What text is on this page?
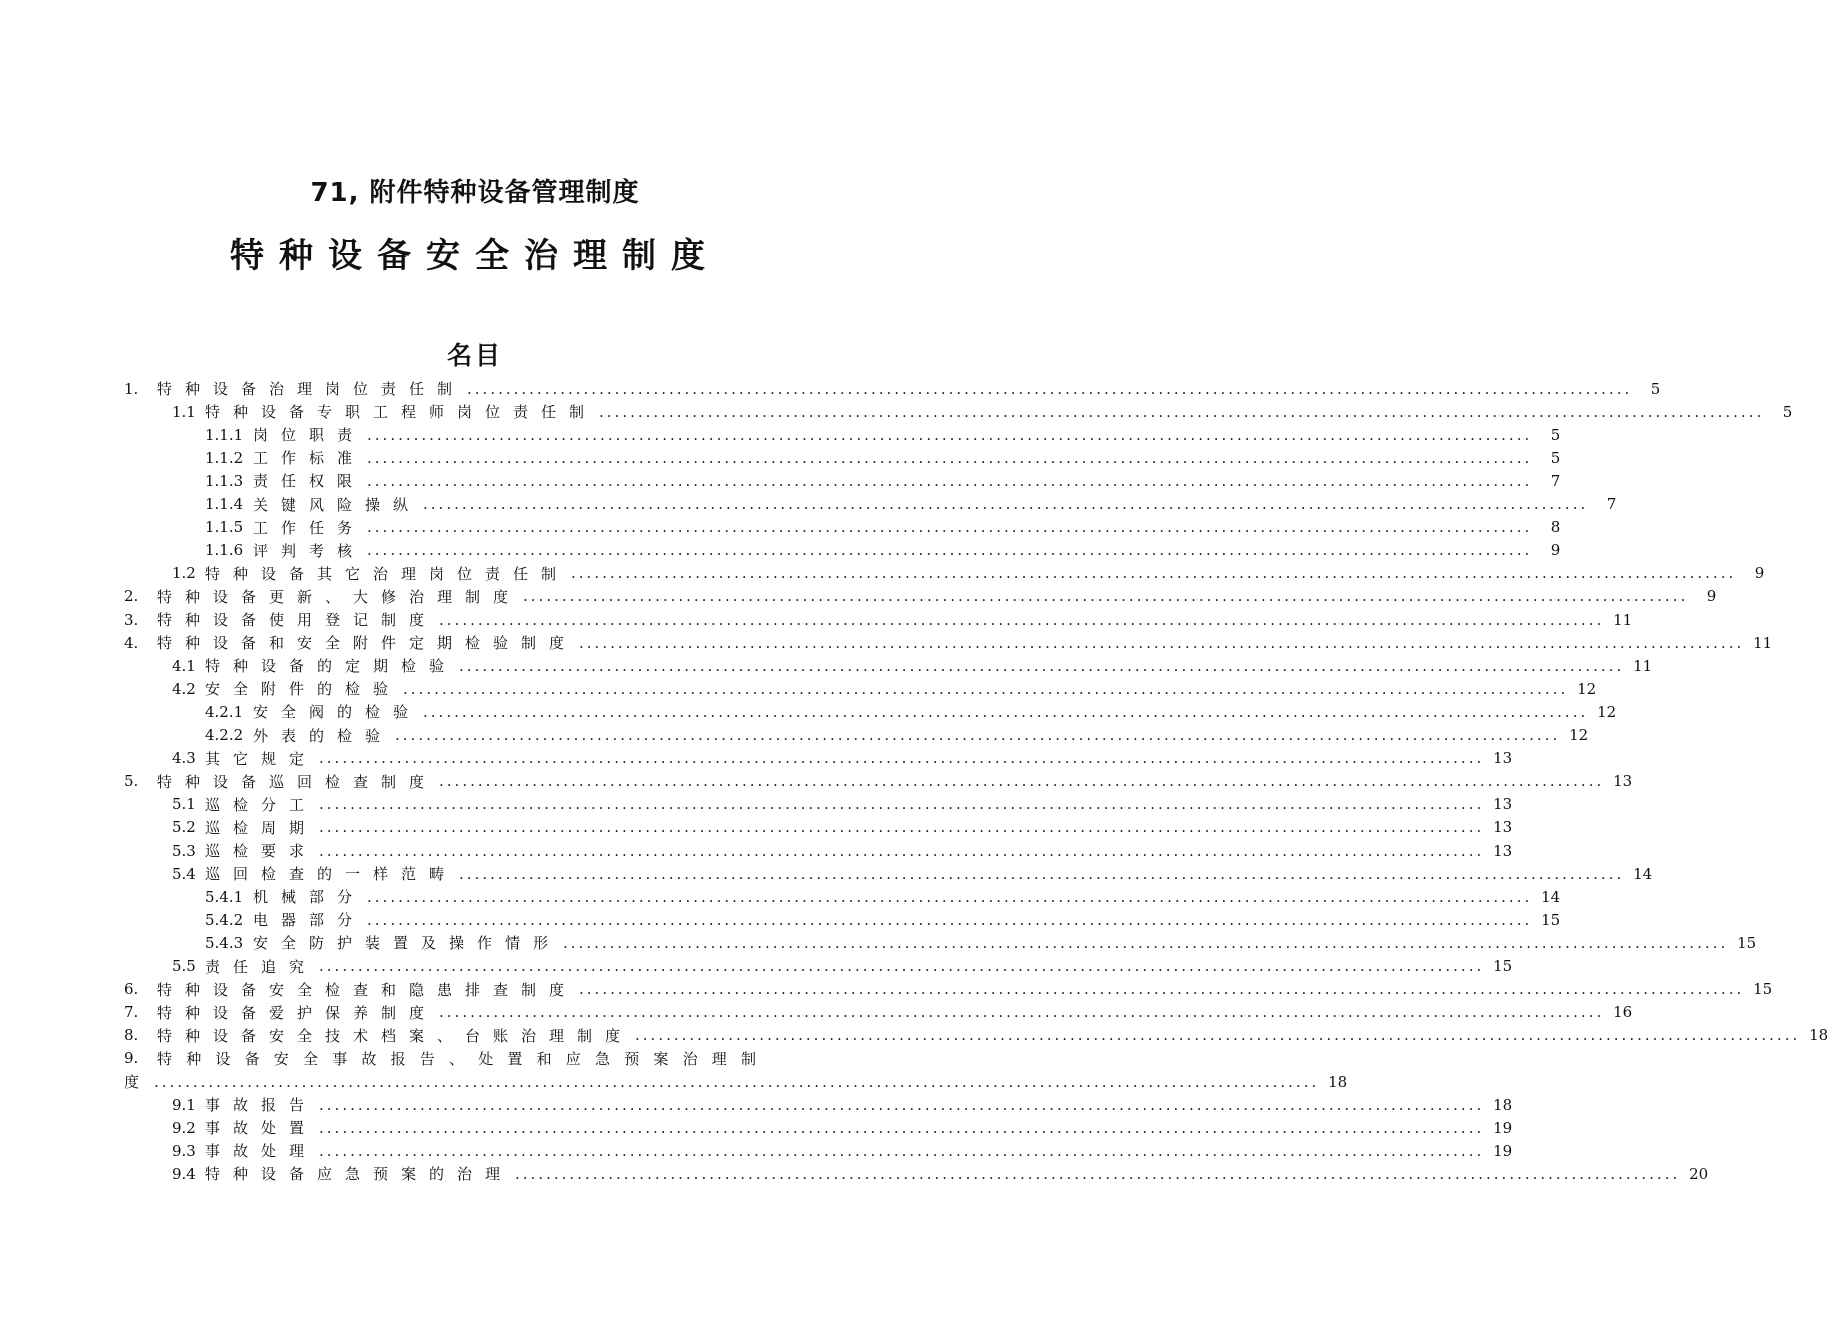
71, 附件特种设备管理制度
特种设备安全治理制度
名目
1.	特种设备治理岗位责任制 ......................................................................................................................................................	5
1.1 特种设备专职工程师岗位责任制 ......................................................................................................................................................	5
1.1.1 岗位职责 ......................................................................................................................................................	5
1.1.2 工作标准 ......................................................................................................................................................	5
1.1.3 责任权限 ......................................................................................................................................................	7
1.1.4 关键风险操纵 ......................................................................................................................................................	7
1.1.5 工作任务 ......................................................................................................................................................	8
1.1.6 评判考核 ......................................................................................................................................................	9
1.2 特种设备其它治理岗位责任制 ......................................................................................................................................................	9
2.	特种设备更新、大修治理制度 ......................................................................................................................................................	9
3.	特种设备使用登记制度 ...................................................................................................................................................... 11
4.	特种设备和安全附件定期检验制度 ...................................................................................................................................................... 11
4.1 特种设备的定期检验 ...................................................................................................................................................... 11
4.2 安全附件的检验 ...................................................................................................................................................... 12
4.2.1 安全阀的检验 ...................................................................................................................................................... 12
4.2.2 外表的检验 ...................................................................................................................................................... 12
4.3 其它规定 ...................................................................................................................................................... 13
5.	特种设备巡回检查制度 ...................................................................................................................................................... 13
5.1 巡检分工 ...................................................................................................................................................... 13
5.2 巡检周期 ...................................................................................................................................................... 13
5.3 巡检要求 ...................................................................................................................................................... 13
5.4 巡回检查的一样范畴 ...................................................................................................................................................... 14
5.4.1 机械部分 ...................................................................................................................................................... 14
5.4.2 电器部分 ...................................................................................................................................................... 15
5.4.3 安全防护装置及操作情形 ...................................................................................................................................................... 15
5.5 责任追究 ...................................................................................................................................................... 15
6.	特种设备安全检查和隐患排查制度 ...................................................................................................................................................... 15
7.	特种设备爱护保养制度 ...................................................................................................................................................... 16
8.	特种设备安全技术档案、台账治理制度 ...................................................................................................................................................... 18
9.	特种设备安全事故报告、处置和应急预案治理制
度 ...................................................................................................................................................... 18
9.1 事故报告 ...................................................................................................................................................... 18
9.2 事故处置 ...................................................................................................................................................... 19
9.3 事故处理 ...................................................................................................................................................... 19
9.4 特种设备应急预案的治理 ...................................................................................................................................................... 20
